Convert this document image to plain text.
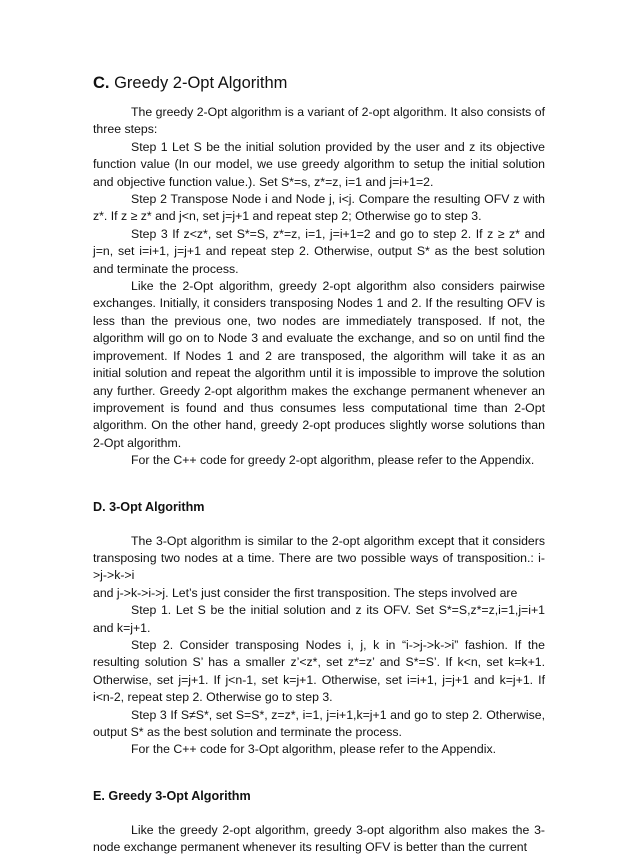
C. Greedy 2-Opt Algorithm

The greedy 2-Opt algorithm is a variant of 2-opt algorithm. It also consists of three steps:

Step 1 Let S be the initial solution provided by the user and z its objective function value (In our model, we use greedy algorithm to setup the initial solution and objective function value.). Set S*=s, z*=z, i=1 and j=i+1=2.

Step 2 Transpose Node i and Node j, i<j. Compare the resulting OFV z with z*. If z ≥ z* and j<n, set j=j+1 and repeat step 2; Otherwise go to step 3.

Step 3 If z<z*, set S*=S, z*=z, i=1, j=i+1=2 and go to step 2. If z ≥ z* and j=n, set i=i+1, j=j+1 and repeat step 2. Otherwise, output S* as the best solution and terminate the process.

Like the 2-Opt algorithm, greedy 2-opt algorithm also considers pairwise exchanges. Initially, it considers transposing Nodes 1 and 2. If the resulting OFV is less than the previous one, two nodes are immediately transposed. If not, the algorithm will go on to Node 3 and evaluate the exchange, and so on until find the improvement. If Nodes 1 and 2 are transposed, the algorithm will take it as an initial solution and repeat the algorithm until it is impossible to improve the solution any further. Greedy 2-opt algorithm makes the exchange permanent whenever an improvement is found and thus consumes less computational time than 2-Opt algorithm. On the other hand, greedy 2-opt produces slightly worse solutions than 2-Opt algorithm.

For the C++ code for greedy 2-opt algorithm, please refer to the Appendix.

D. 3-Opt Algorithm

The 3-Opt algorithm is similar to the 2-opt algorithm except that it considers transposing two nodes at a time. There are two possible ways of transposition.: i->j->k->i

and j->k->i->j. Let’s just consider the first transposition. The steps involved are

Step 1. Let S be the initial solution and z its OFV. Set S*=S,z*=z,i=1,j=i+1 and k=j+1.

Step 2. Consider transposing Nodes i, j, k in “i->j->k->i” fashion. If the resulting solution S’ has a smaller z’<z*, set z*=z’ and S*=S’. If k<n, set k=k+1. Otherwise, set j=j+1. If j<n-1, set k=j+1. Otherwise, set i=i+1, j=j+1 and k=j+1. If i<n-2, repeat step 2. Otherwise go to step 3.

Step 3 If S≠S*, set S=S*, z=z*, i=1, j=i+1,k=j+1 and go to step 2. Otherwise, output S* as the best solution and terminate the process.

For the C++ code for 3-Opt algorithm, please refer to the Appendix.

E. Greedy 3-Opt Algorithm

Like the greedy 2-opt algorithm, greedy 3-opt algorithm also makes the 3-node exchange permanent whenever its resulting OFV is better than the current
